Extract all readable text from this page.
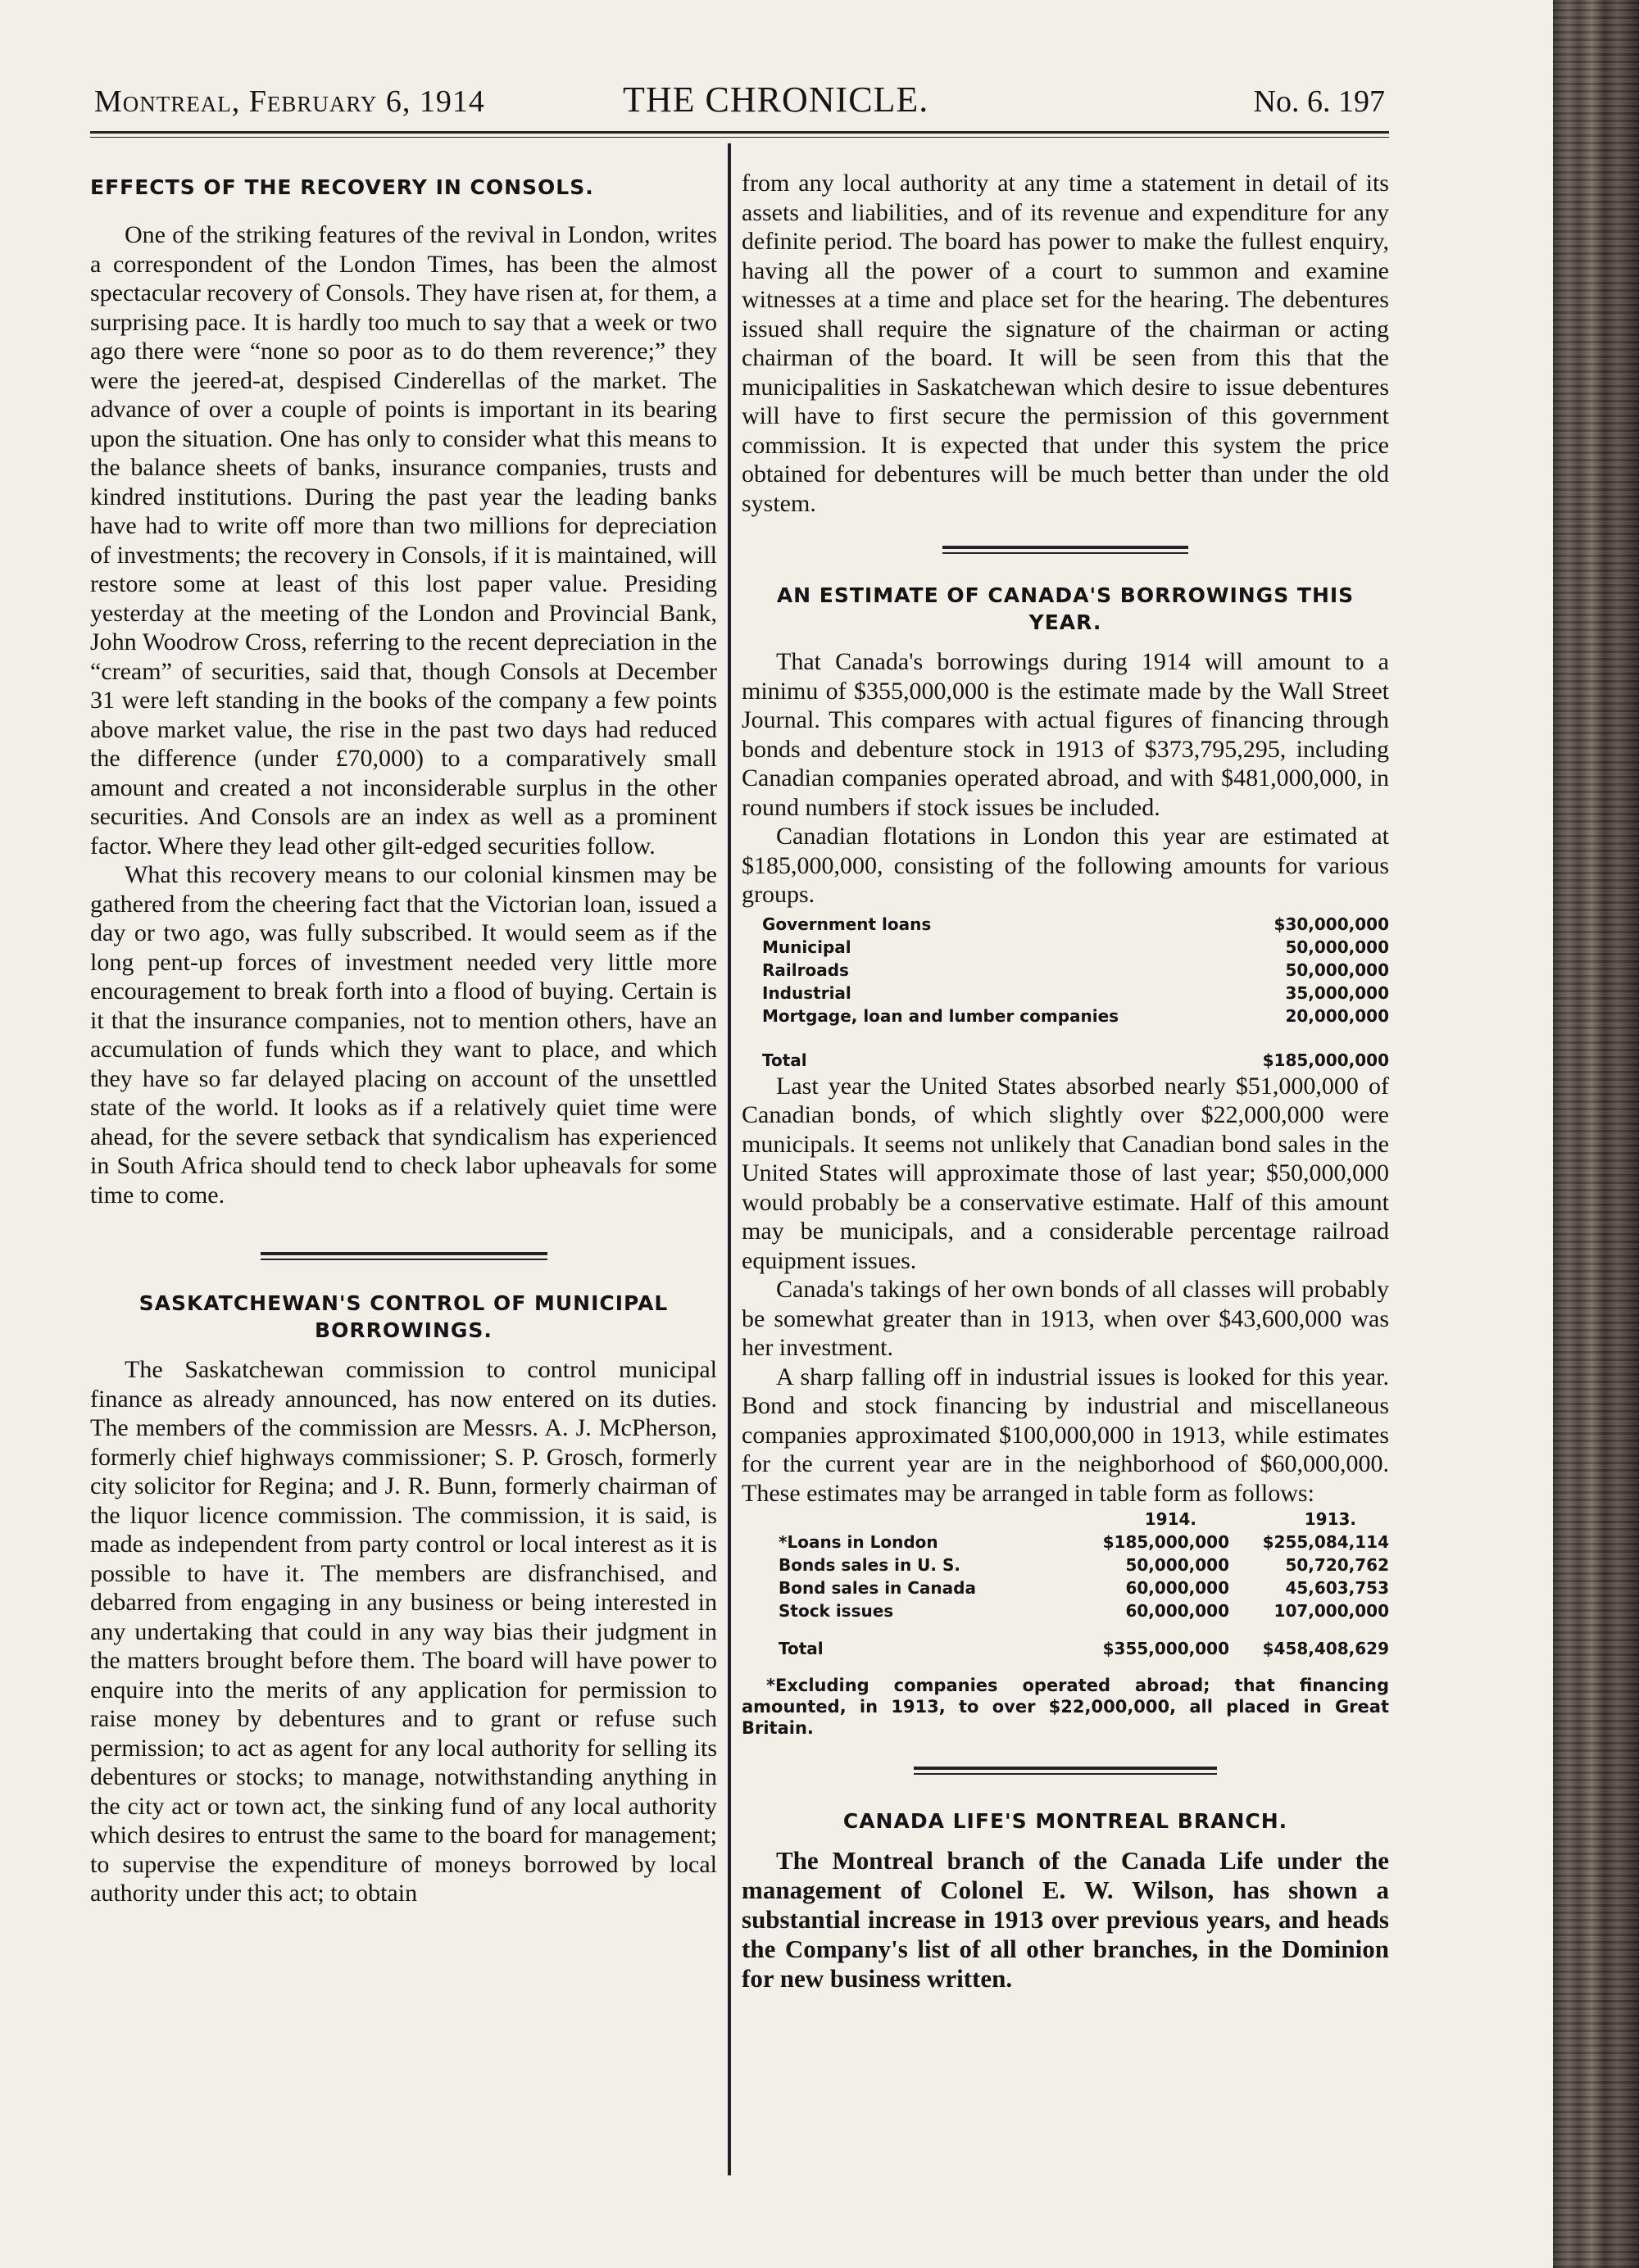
Montreal, February 6, 1914	THE CHRONICLE.	No. 6. 197
EFFECTS OF THE RECOVERY IN CONSOLS.

One of the striking features of the revival in London, writes a correspondent of the London Times, has been the almost spectacular recovery of Consols. They have risen at, for them, a surprising pace. It is hardly too much to say that a week or two ago there were “none so poor as to do them reverence;” they were the jeered-at, despised Cinderellas of the market. The advance of over a couple of points is important in its bearing upon the situation. One has only to consider what this means to the balance sheets of banks, insurance companies, trusts and kindred institutions. During the past year the leading banks have had to write off more than two millions for depreciation of investments; the recovery in Consols, if it is maintained, will restore some at least of this lost paper value. Presiding yesterday at the meeting of the London and Provincial Bank, John Woodrow Cross, referring to the recent depreciation in the “cream” of securities, said that, though Consols at December 31 were left standing in the books of the company a few points above market value, the rise in the past two days had reduced the difference (under £70,000) to a comparatively small amount and created a not inconsiderable surplus in the other securities. And Consols are an index as well as a prominent factor. Where they lead other gilt-edged securities follow.

What this recovery means to our colonial kinsmen may be gathered from the cheering fact that the Victorian loan, issued a day or two ago, was fully subscribed. It would seem as if the long pent-up forces of investment needed very little more encouragement to break forth into a flood of buying. Certain is it that the insurance companies, not to mention others, have an accumulation of funds which they want to place, and which they have so far delayed placing on account of the unsettled state of the world. It looks as if a relatively quiet time were ahead, for the severe setback that syndicalism has experienced in South Africa should tend to check labor upheavals for some time to come.

SASKATCHEWAN'S CONTROL OF MUNICIPAL
BORROWINGS.

The Saskatchewan commission to control municipal finance as already announced, has now entered on its duties. The members of the commission are Messrs. A. J. McPherson, formerly chief highways commissioner; S. P. Grosch, formerly city solicitor for Regina; and J. R. Bunn, formerly chairman of the liquor licence commission. The commission, it is said, is made as independent from party control or local interest as it is possible to have it. The members are disfranchised, and debarred from engaging in any business or being interested in any undertaking that could in any way bias their judgment in the matters brought before them. The board will have power to enquire into the merits of any application for permission to raise money by debentures and to grant or refuse such permission; to act as agent for any local authority for selling its debentures or stocks; to manage, notwithstanding anything in the city act or town act, the sinking fund of any local authority which desires to entrust the same to the board for management; to supervise the expenditure of moneys borrowed by local authority under this act; to obtain

from any local authority at any time a statement in detail of its assets and liabilities, and of its revenue and expenditure for any definite period. The board has power to make the fullest enquiry, having all the power of a court to summon and examine witnesses at a time and place set for the hearing. The debentures issued shall require the signature of the chairman or acting chairman of the board. It will be seen from this that the municipalities in Saskatchewan which desire to issue debentures will have to first secure the permission of this government commission. It is expected that under this system the price obtained for debentures will be much better than under the old system.

AN ESTIMATE OF CANADA'S BORROWINGS THIS
YEAR.

That Canada's borrowings during 1914 will amount to a minimu of $355,000,000 is the estimate made by the Wall Street Journal. This compares with actual figures of financing through bonds and debenture stock in 1913 of $373,795,295, including Canadian companies operated abroad, and with $481,000,000, in round numbers if stock issues be included.

Canadian flotations in London this year are estimated at $185,000,000, consisting of the following amounts for various groups.

Government loans	$30,000,000
Municipal	50,000,000
Railroads	50,000,000
Industrial	35,000,000
Mortgage, loan and lumber companies	20,000,000
Total	$185,000,000

Last year the United States absorbed nearly $51,000,000 of Canadian bonds, of which slightly over $22,000,000 were municipals. It seems not unlikely that Canadian bond sales in the United States will approximate those of last year; $50,000,000 would probably be a conservative estimate. Half of this amount may be municipals, and a considerable percentage railroad equipment issues.

Canada's takings of her own bonds of all classes will probably be somewhat greater than in 1913, when over $43,600,000 was her investment.

A sharp falling off in industrial issues is looked for this year. Bond and stock financing by industrial and miscellaneous companies approximated $100,000,000 in 1913, while estimates for the current year are in the neighborhood of $60,000,000. These estimates may be arranged in table form as follows:

1914.	1913.
*Loans in London	$185,000,000 $255,084,114
Bonds sales in U. S.	50,000,000	50,720,762
Bond sales in Canada	60,000,000	45,603,753
Stock issues	60,000,000	107,000,000
Total	$355,000,000 $458,408,629

*Excluding companies operated abroad; that financing amounted, in 1913, to over $22,000,000, all placed in Great Britain.

CANADA LIFE'S MONTREAL BRANCH.

The Montreal branch of the Canada Life under the management of Colonel E. W. Wilson, has shown a substantial increase in 1913 over previous years, and heads the Company's list of all other branches, in the Dominion for new business written.
